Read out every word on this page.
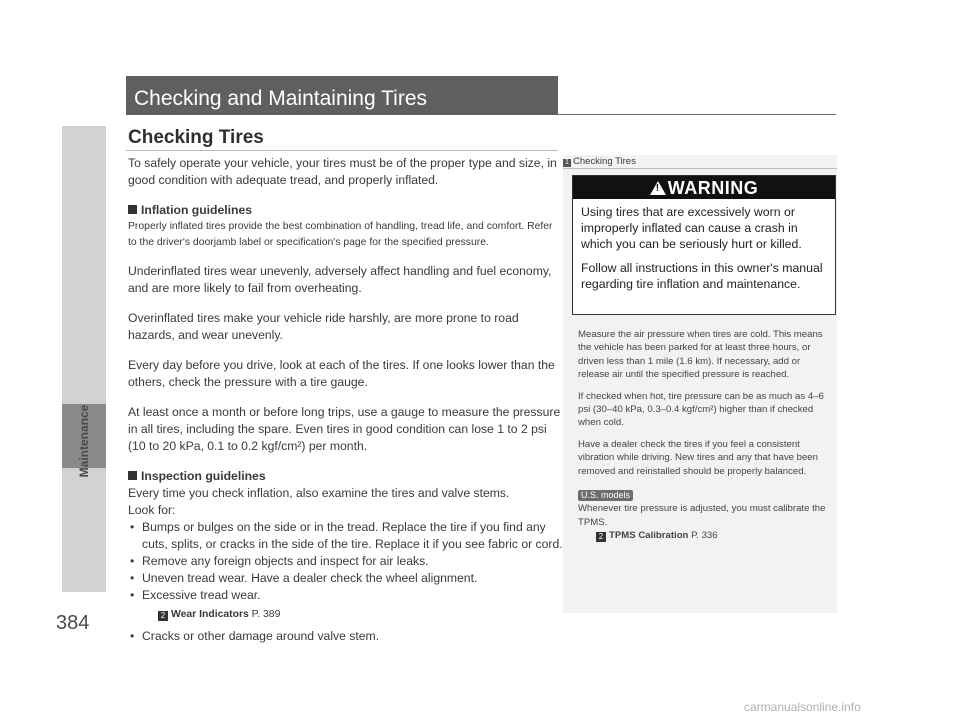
Maintenance
384
Checking and Maintaining Tires
Checking Tires

To safely operate your vehicle, your tires must be of the proper type and size, in good condition with adequate tread, and properly inflated.

Inflation guidelines

Properly inflated tires provide the best combination of handling, tread life, and comfort. Refer to the driver's doorjamb label or specification's page for the specified pressure.

Underinflated tires wear unevenly, adversely affect handling and fuel economy, and are more likely to fail from overheating.

Overinflated tires make your vehicle ride harshly, are more prone to road hazards, and wear unevenly.

Every day before you drive, look at each of the tires. If one looks lower than the others, check the pressure with a tire gauge.

At least once a month or before long trips, use a gauge to measure the pressure in all tires, including the spare. Even tires in good condition can lose 1 to 2 psi (10 to 20 kPa, 0.1 to 0.2 kgf/cm²) per month.

Inspection guidelines
Every time you check inflation, also examine the tires and valve stems.
Look for:
• Bumps or bulges on the side or in the tread. Replace the tire if you find any cuts, splits, or cracks in the side of the tire. Replace it if you see fabric or cord.
• Remove any foreign objects and inspect for air leaks.
• Uneven tread wear. Have a dealer check the wheel alignment.
• Excessive tread wear.
2 Wear Indicators P. 389
• Cracks or other damage around valve stem.
1 Checking Tires
!WARNING

Using tires that are excessively worn or improperly inflated can cause a crash in which you can be seriously hurt or killed.

Follow all instructions in this owner's manual regarding tire inflation and maintenance.

Measure the air pressure when tires are cold. This means the vehicle has been parked for at least three hours, or driven less than 1 mile (1.6 km). If necessary, add or release air until the specified pressure is reached.

If checked when hot, tire pressure can be as much as 4–6 psi (30–40 kPa, 0.3–0.4 kgf/cm²) higher than if checked when cold.

Have a dealer check the tires if you feel a consistent vibration while driving. New tires and any that have been removed and reinstalled should be properly balanced.

U.S. models
Whenever tire pressure is adjusted, you must calibrate the TPMS.
2 TPMS Calibration P. 336
carmanualsonline.info
